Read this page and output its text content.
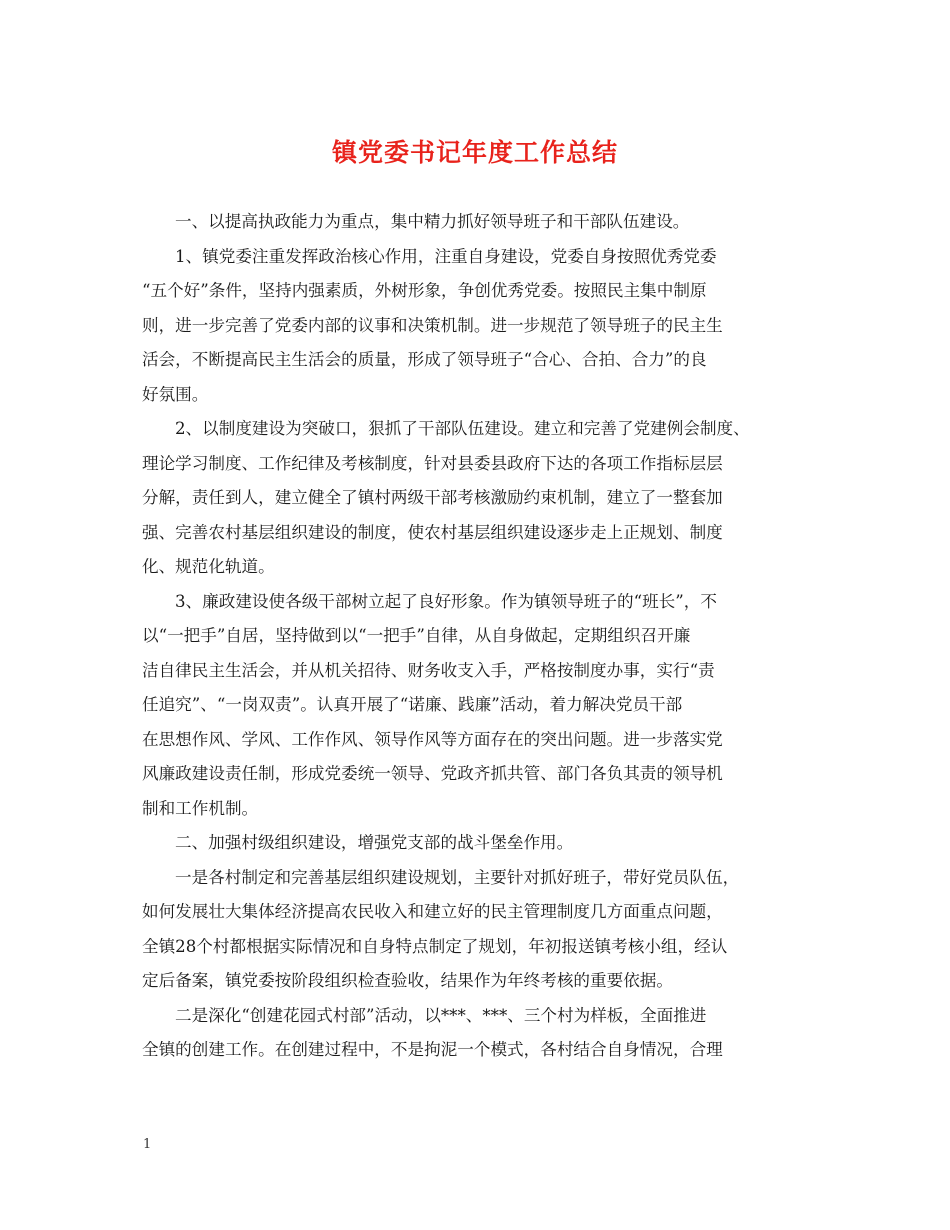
镇党委书记年度工作总结
一、以提高执政能力为重点，集中精力抓好领导班子和干部队伍建设。
1、镇党委注重发挥政治核心作用，注重自身建设，党委自身按照优秀党委
“五个好”条件，坚持内强素质，外树形象，争创优秀党委。按照民主集中制原
则，进一步完善了党委内部的议事和决策机制。进一步规范了领导班子的民主生
活会，不断提高民主生活会的质量，形成了领导班子“合心、合拍、合力”的良
好氛围。
2、以制度建设为突破口，狠抓了干部队伍建设。建立和完善了党建例会制度、
理论学习制度、工作纪律及考核制度，针对县委县政府下达的各项工作指标层层
分解，责任到人，建立健全了镇村两级干部考核激励约束机制，建立了一整套加
强、完善农村基层组织建设的制度，使农村基层组织建设逐步走上正规划、制度
化、规范化轨道。
3、廉政建设使各级干部树立起了良好形象。作为镇领导班子的“班长”，不
以“一把手”自居，坚持做到以“一把手”自律，从自身做起，定期组织召开廉
洁自律民主生活会，并从机关招待、财务收支入手，严格按制度办事，实行“责
任追究”、“一岗双责”。认真开展了“诺廉、践廉”活动，着力解决党员干部
在思想作风、学风、工作作风、领导作风等方面存在的突出问题。进一步落实党
风廉政建设责任制，形成党委统一领导、党政齐抓共管、部门各负其责的领导机
制和工作机制。
二、加强村级组织建设，增强党支部的战斗堡垒作用。
一是各村制定和完善基层组织建设规划，主要针对抓好班子，带好党员队伍，
如何发展壮大集体经济提高农民收入和建立好的民主管理制度几方面重点问题，
全镇28个村都根据实际情况和自身特点制定了规划，年初报送镇考核小组，经认
定后备案，镇党委按阶段组织检查验收，结果作为年终考核的重要依据。
二是深化“创建花园式村部”活动，以***、***、三个村为样板，全面推进
全镇的创建工作。在创建过程中，不是拘泥一个模式，各村结合自身情况，合理
1
